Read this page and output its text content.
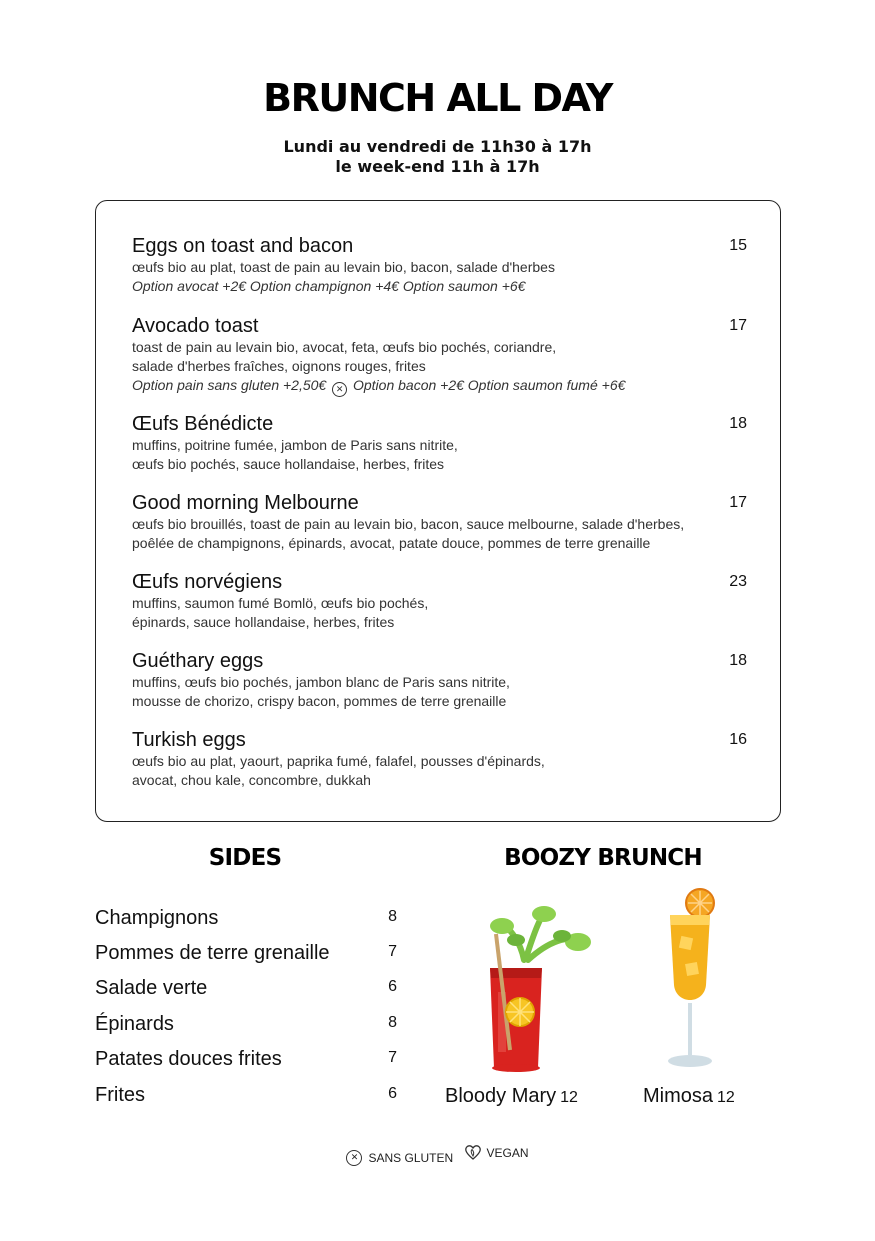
BRUNCH ALL DAY
Lundi au vendredi de 11h30 à 17h
le week-end 11h à 17h
Eggs on toast and bacon	15
œufs bio au plat, toast de pain au levain bio, bacon, salade d'herbes
Option avocat +2€ Option champignon +4€ Option saumon +6€
Avocado toast	17
toast de pain au levain bio, avocat, feta, œufs bio pochés, coriandre,
salade d'herbes fraîches, oignons rouges, frites
Option pain sans gluten +2,50€ ✕ Option bacon +2€ Option saumon fumé +6€
Œufs Bénédicte	18
muffins, poitrine fumée, jambon de Paris sans nitrite,
œufs bio pochés, sauce hollandaise, herbes, frites
Good morning Melbourne	17
œufs bio brouillés, toast de pain au levain bio, bacon, sauce melbourne, salade d'herbes,
poêlée de champignons, épinards, avocat, patate douce, pommes de terre grenaille
Œufs norvégiens	23
muffins, saumon fumé Bomlö, œufs bio pochés,
épinards, sauce hollandaise, herbes, frites
Guéthary eggs	18
muffins, œufs bio pochés, jambon blanc de Paris sans nitrite,
mousse de chorizo, crispy bacon, pommes de terre grenaille
Turkish eggs	16
œufs bio au plat, yaourt, paprika fumé, falafel, pousses d'épinards,
avocat, chou kale, concombre, dukkah
SIDES	BOOZY BRUNCH
Champignons	8
Pommes de terre grenaille	7
Salade verte	6
Épinards	8
Patates douces frites	7
Frites	6 Bloody Mary 12	Mimosa 12
✕ SANS GLUTEN
	VEGAN
